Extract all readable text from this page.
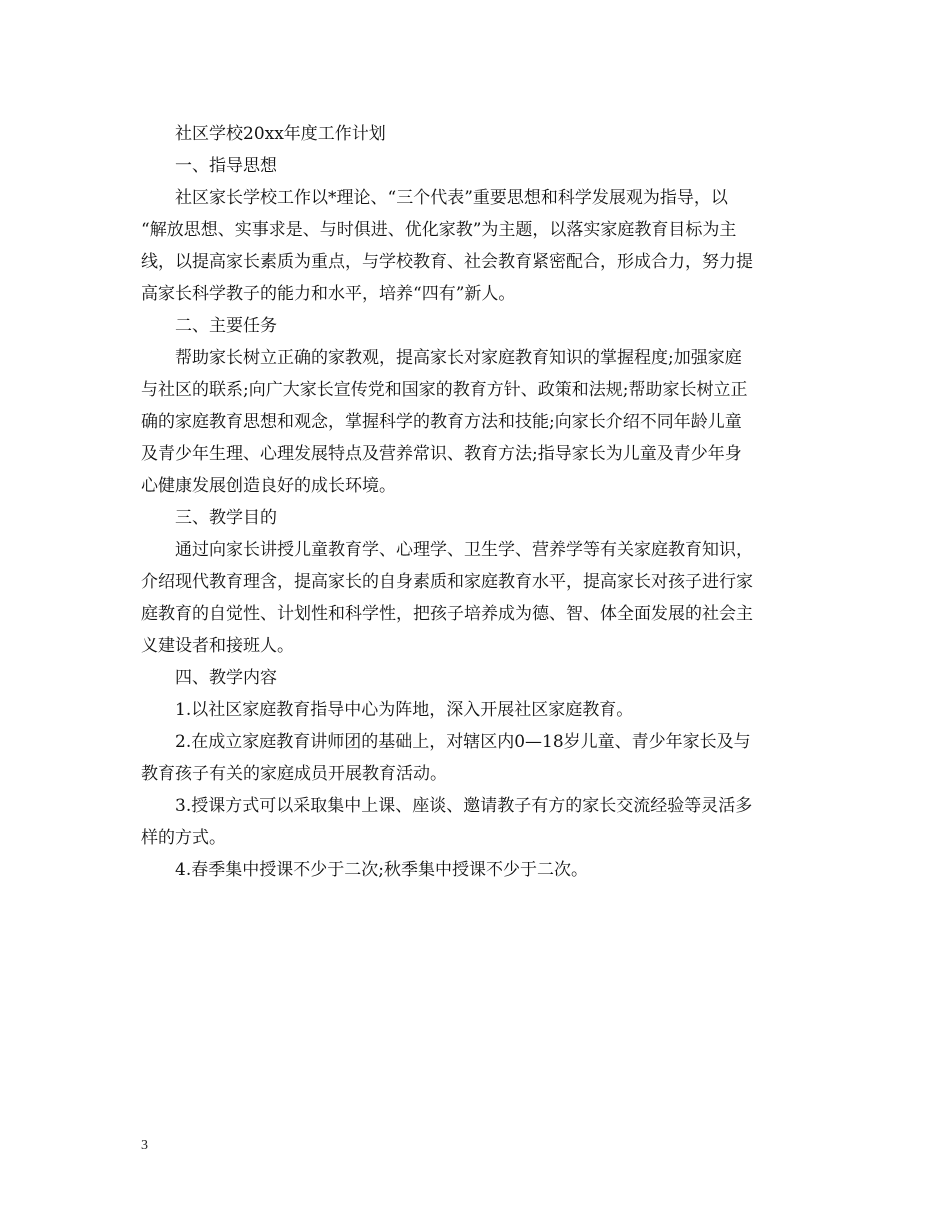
社区学校20xx年度工作计划
一、指导思想
社区家长学校工作以*理论、“三个代表”重要思想和科学发展观为指导，以
“解放思想、实事求是、与时俱进、优化家教”为主题，以落实家庭教育目标为主
线，以提高家长素质为重点，与学校教育、社会教育紧密配合，形成合力，努力提
高家长科学教子的能力和水平，培养“四有”新人。
二、主要任务
帮助家长树立正确的家教观，提高家长对家庭教育知识的掌握程度;加强家庭
与社区的联系;向广大家长宣传党和国家的教育方针、政策和法规;帮助家长树立正
确的家庭教育思想和观念，掌握科学的教育方法和技能;向家长介绍不同年龄儿童
及青少年生理、心理发展特点及营养常识、教育方法;指导家长为儿童及青少年身
心健康发展创造良好的成长环境。
三、教学目的
通过向家长讲授儿童教育学、心理学、卫生学、营养学等有关家庭教育知识，
介绍现代教育理含，提高家长的自身素质和家庭教育水平，提高家长对孩子进行家
庭教育的自觉性、计划性和科学性，把孩子培养成为德、智、体全面发展的社会主
义建设者和接班人。
四、教学内容
1.以社区家庭教育指导中心为阵地，深入开展社区家庭教育。
2.在成立家庭教育讲师团的基础上，对辖区内0—18岁儿童、青少年家长及与
教育孩子有关的家庭成员开展教育活动。
3.授课方式可以采取集中上课、座谈、邀请教子有方的家长交流经验等灵活多
样的方式。
4.春季集中授课不少于二次;秋季集中授课不少于二次。
3
